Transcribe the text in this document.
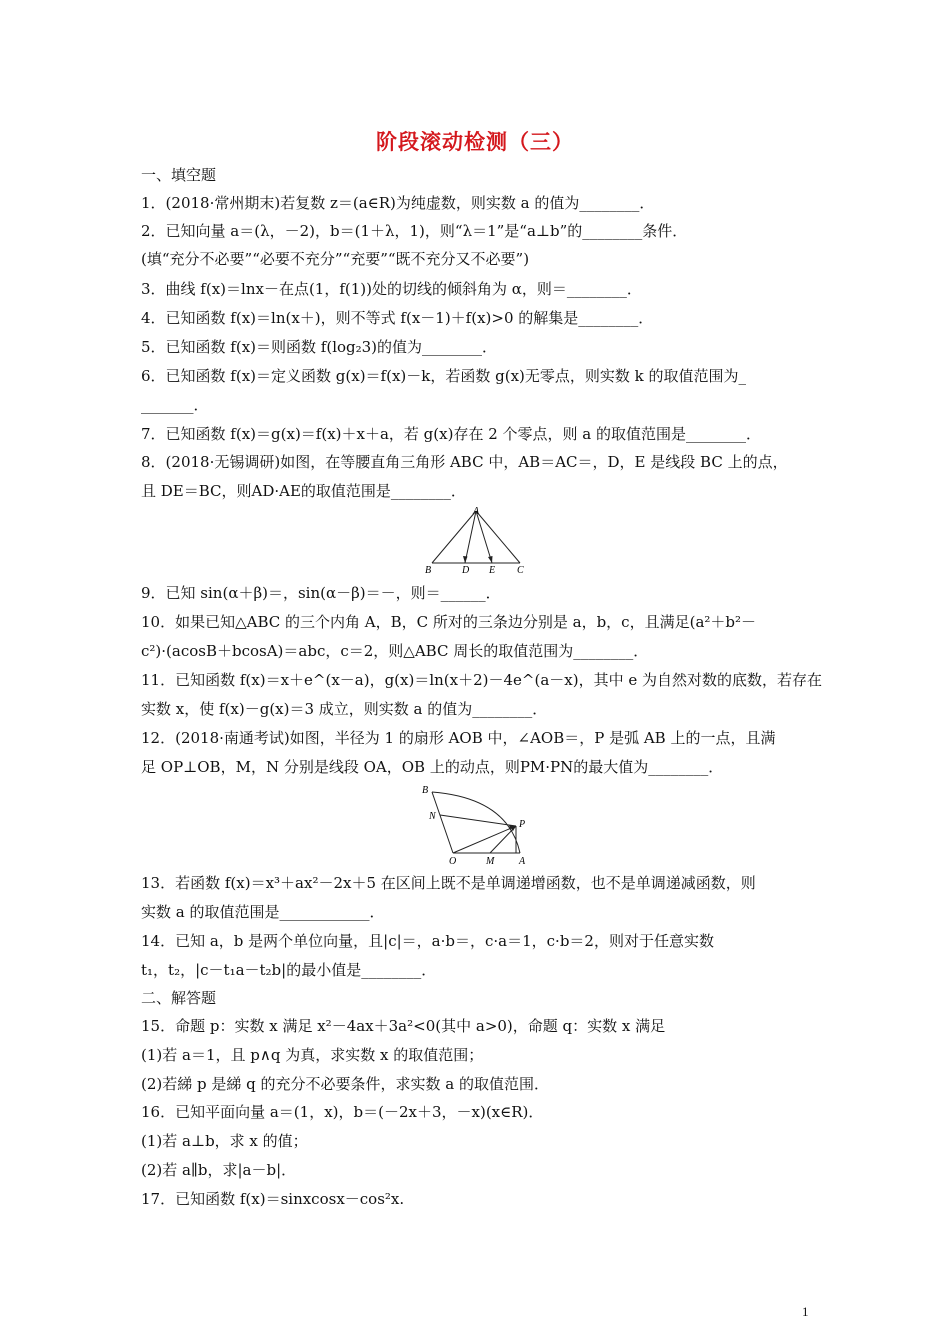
阶段滚动检测（三）
一、填空题
1．(2018·常州期末)若复数 z＝(a∈R)为纯虚数，则实数 a 的值为________．
2．已知向量 a＝(λ，－2)，b＝(1＋λ，1)，则“λ＝1”是“a⊥b”的________条件．
(填“充分不必要”“必要不充分”“充要”“既不充分又不必要”)
3．曲线 f(x)＝lnx－在点(1，f(1))处的切线的倾斜角为 α，则＝________．
4．已知函数 f(x)＝ln(x＋)，则不等式 f(x－1)＋f(x)>0 的解集是________．
5．已知函数 f(x)＝则函数 f(log₂3)的值为________．
6．已知函数 f(x)＝定义函数 g(x)＝f(x)－k，若函数 g(x)无零点，则实数 k 的取值范围为_
_______．
7．已知函数 f(x)＝g(x)＝f(x)＋x＋a，若 g(x)存在 2 个零点，则 a 的取值范围是________．
8．(2018·无锡调研)如图，在等腰直角三角形 ABC 中，AB＝AC＝，D，E 是线段 BC 上的点，
且 DE＝BC，则AD·AE的取值范围是________．
A
B	D E C
9．已知 sin(α＋β)＝，sin(α－β)＝－，则＝______．
10．如果已知△ABC 的三个内角 A，B，C 所对的三条边分别是 a，b，c，且满足(a²＋b²－
c²)·(acosB＋bcosA)＝abc，c＝2，则△ABC 周长的取值范围为________．
11．已知函数 f(x)＝x＋e^(x－a)，g(x)＝ln(x＋2)－4e^(a－x)，其中 e 为自然对数的底数，若存在
实数 x，使 f(x)－g(x)＝3 成立，则实数 a 的值为________．
12．(2018·南通考试)如图，半径为 1 的扇形 AOB 中，∠AOB＝，P 是弧 AB 上的一点，且满
足 OP⊥OB，M，N 分别是线段 OA，OB 上的动点，则PM·PN的最大值为________．
B
N
P
O	M A
13．若函数 f(x)＝x³＋ax²－2x＋5 在区间上既不是单调递增函数，也不是单调递减函数，则
实数 a 的取值范围是____________．
14．已知 a，b 是两个单位向量，且|c|＝，a·b＝，c·a＝1，c·b＝2，则对于任意实数
t₁，t₂，|c－t₁a－t₂b|的最小值是________．
二、解答题
15．命题 p：实数 x 满足 x²－4ax＋3a²<0(其中 a>0)，命题 q：实数 x 满足
(1)若 a＝1，且 p∧q 为真，求实数 x 的取值范围；
(2)若綈 p 是綈 q 的充分不必要条件，求实数 a 的取值范围．
16．已知平面向量 a＝(1，x)，b＝(－2x＋3，－x)(x∈R)．
(1)若 a⊥b，求 x 的值；
(2)若 a∥b，求|a－b|．
17．已知函数 f(x)＝sinxcosx－cos²x.
1
